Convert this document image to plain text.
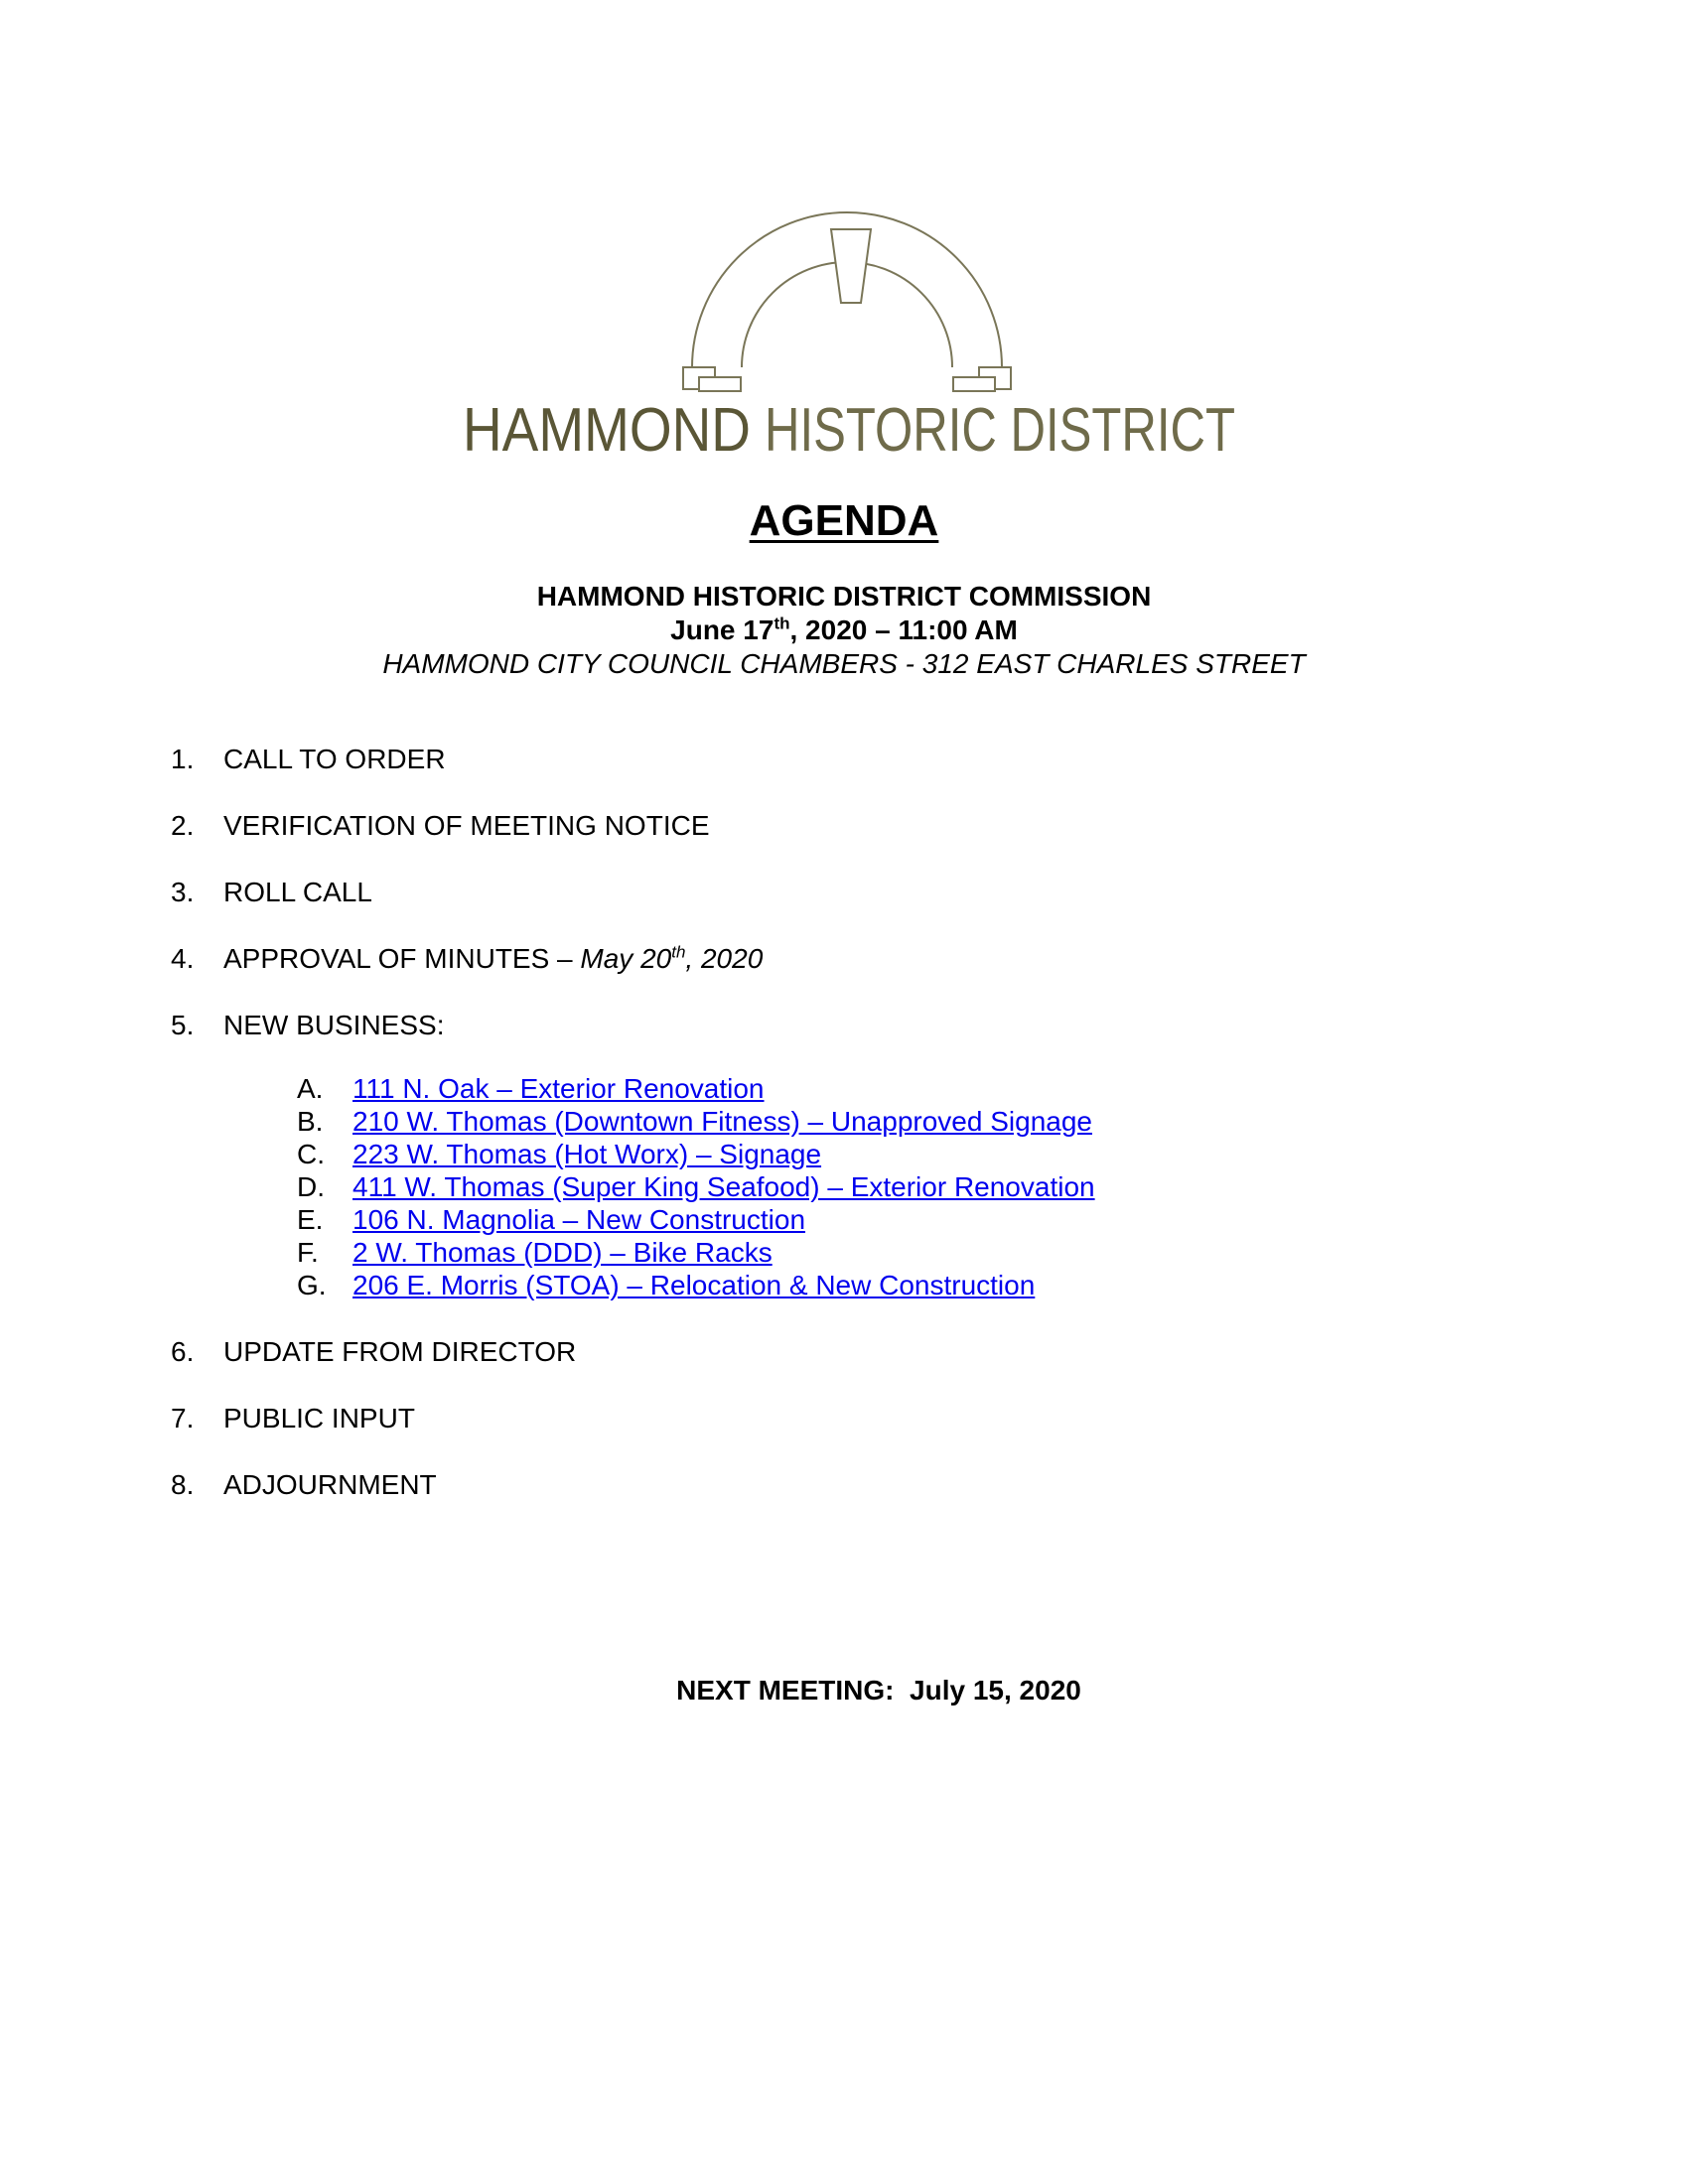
HAMMOND HISTORIC DISTRICT
AGENDA
HAMMOND HISTORIC DISTRICT COMMISSION
June 17th, 2020 – 11:00 AM
HAMMOND CITY COUNCIL CHAMBERS - 312 EAST CHARLES STREET
1.	CALL TO ORDER
2.	VERIFICATION OF MEETING NOTICE
3.	ROLL CALL
4.	APPROVAL OF MINUTES – May 20th, 2020
5.	NEW BUSINESS:
A. 111 N. Oak – Exterior Renovation
B. 210 W. Thomas (Downtown Fitness) – Unapproved Signage
C. 223 W. Thomas (Hot Worx) – Signage
D. 411 W. Thomas (Super King Seafood) – Exterior Renovation
E. 106 N. Magnolia – New Construction
F. 2 W. Thomas (DDD) – Bike Racks
G. 206 E. Morris (STOA) – Relocation & New Construction
6.	UPDATE FROM DIRECTOR
7.	PUBLIC INPUT
8.	ADJOURNMENT
NEXT MEETING:  July 15, 2020
